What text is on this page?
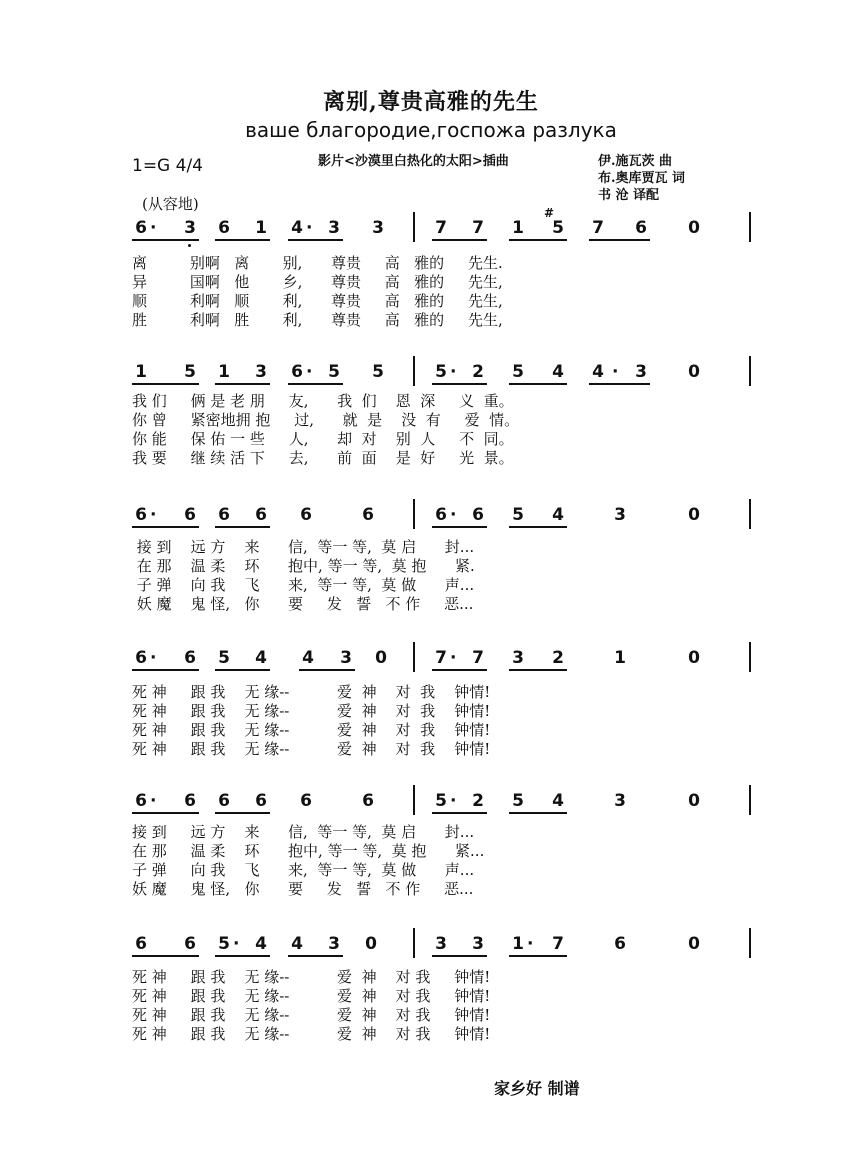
离别,尊贵高雅的先生
ваше благородие,госпожа разлука
1=G 4/4	影片<沙漠里白热化的太阳>插曲	伊.施瓦茨 曲
布.奥库贾瓦 词
书 沧 译配
(从容地)
6 3 6 1 4 3 3	7 7 1 5 7 6 0
·	·
#
离         别啊   离       别,      尊贵     高   雅的     先生.
异         国啊   他       乡,      尊贵     高   雅的     先生,
顺         利啊   顺       利,      尊贵     高   雅的     先生,
胜         利啊   胜       利,      尊贵     高   雅的     先生,
1 5 1 3 6 5 5	5 2 5 4 4 3 0
·	·	·
我 们     俩 是 老 朋     友,      我  们    恩  深     义  重。
你 曾     紧密地拥 抱     过,      就  是    没  有     爱  情。
你 能     保 佑 一 些     人,      却  对    别  人     不  同。
我 要     继 续 活 下     去,      前  面    是  好     光  景。
6 6 6 6 6	6	6 6 5 4	3	0
·	·
接 到    远 方    来      信,  等一 等,  莫 启      封...
在 那    温 柔    环      抱中, 等一 等,  莫 抱      紧.
子 弹    向 我    飞      来,  等一 等,  莫 做      声...
妖 魔    鬼 怪,   你      要     发   誓   不 作     恶...
6 6 5 4 4 3 0	7 7 3 2	1	0
·	·
死 神     跟 我    无 缘--          爱  神    对  我    钟情!
死 神     跟 我    无 缘--          爱  神    对  我    钟情!
死 神     跟 我    无 缘--          爱  神    对  我    钟情!
死 神     跟 我    无 缘--          爱  神    对  我    钟情!
6 6 6 6 6	6	5 2 5 4	3	0
·	·
接 到     远 方    来      信,  等一 等,  莫 启      封...
在 那     温 柔    环      抱中, 等一 等,  莫 抱      紧...
子 弹     向 我    飞      来,  等一 等,  莫 做      声...
妖 魔     鬼 怪,   你      要     发   誓   不 作     恶...
6 6 5 4 4 3 0	3 3 1 7	6	0
·	·
死 神     跟 我    无 缘--          爱  神    对 我     钟情!
死 神     跟 我    无 缘--          爱  神    对 我     钟情!
死 神     跟 我    无 缘--          爱  神    对 我     钟情!
死 神     跟 我    无 缘--          爱  神    对 我     钟情!
家乡好 制谱
